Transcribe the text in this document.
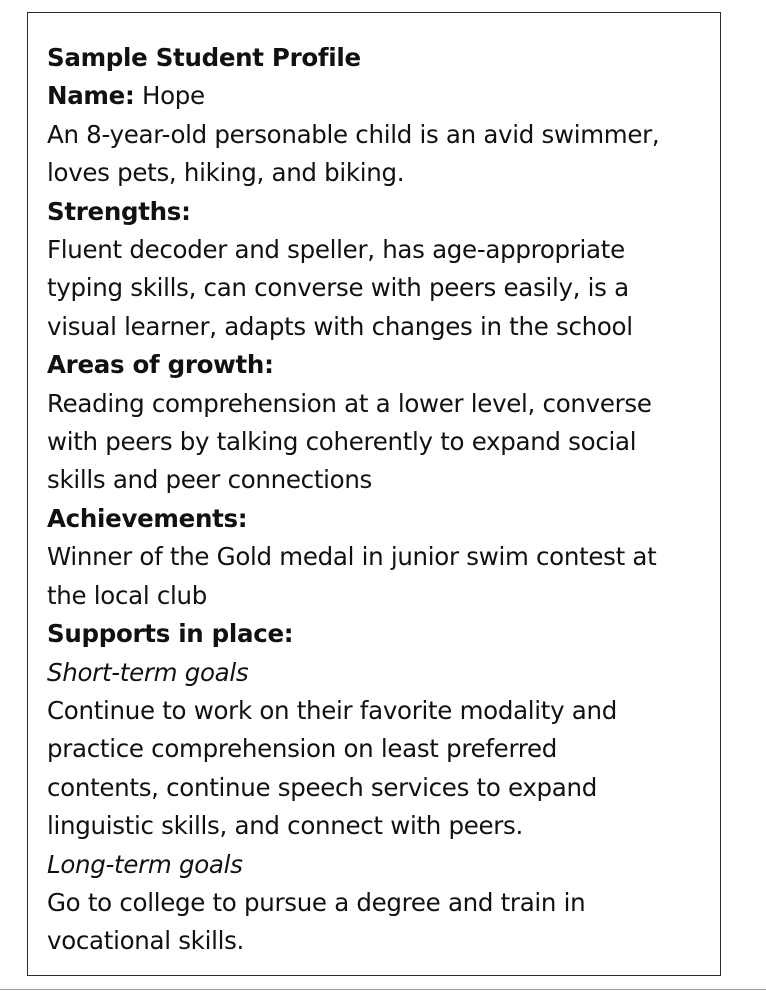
Sample Student Profile
Name: Hope
An 8-year-old personable child is an avid swimmer,
loves pets, hiking, and biking.
Strengths:
Fluent decoder and speller, has age-appropriate
typing skills, can converse with peers easily, is a
visual learner, adapts with changes in the school
Areas of growth:
Reading comprehension at a lower level, converse
with peers by talking coherently to expand social
skills and peer connections
Achievements:
Winner of the Gold medal in junior swim contest at
the local club
Supports in place:
Short-term goals
Continue to work on their favorite modality and
practice comprehension on least preferred
contents, continue speech services to expand
linguistic skills, and connect with peers.
Long-term goals
Go to college to pursue a degree and train in
vocational skills.
